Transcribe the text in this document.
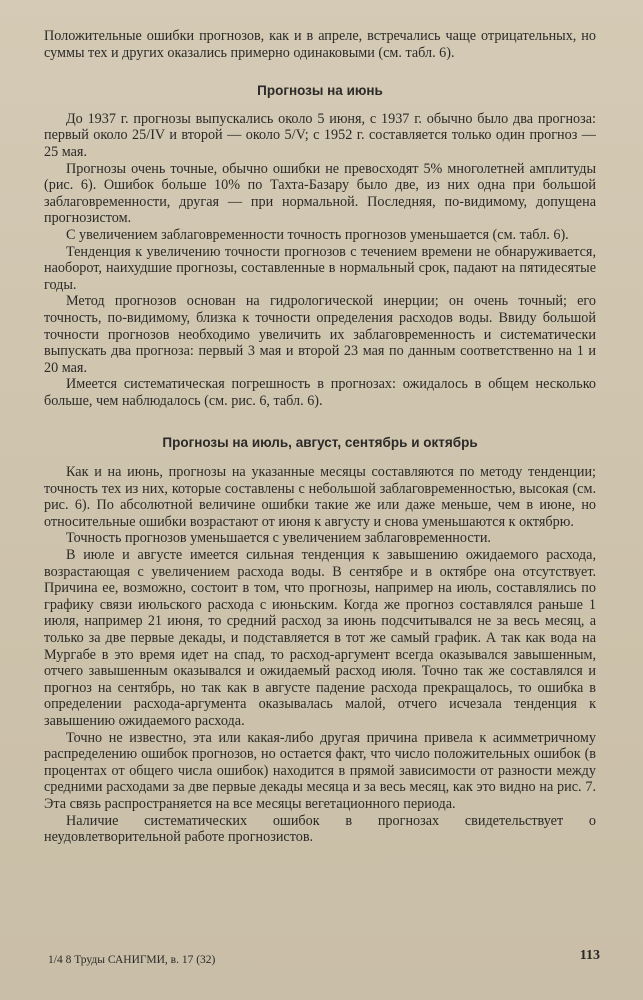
Положительные ошибки прогнозов, как и в апреле, встречались чаще отрицательных, но суммы тех и других оказались примерно одинаковыми (см. табл. 6).

Прогнозы на июнь

До 1937 г. прогнозы выпускались около 5 июня, с 1937 г. обычно было два прогноза: первый около 25/IV и второй — около 5/V; с 1952 г. составляется только один прогноз — 25 мая.

Прогнозы очень точные, обычно ошибки не превосходят 5% многолетней амплитуды (рис. 6). Ошибок больше 10% по Тахта-Базару было две, из них одна при большой заблаговременности, другая — при нормальной. Последняя, по-видимому, допущена прогнозистом.

С увеличением заблаговременности точность прогнозов уменьшается (см. табл. 6).

Тенденция к увеличению точности прогнозов с течением времени не обнаруживается, наоборот, наихудшие прогнозы, составленные в нормальный срок, падают на пятидесятые годы.

Метод прогнозов основан на гидрологической инерции; он очень точный; его точность, по-видимому, близка к точности определения расходов воды. Ввиду большой точности прогнозов необходимо увеличить их заблаговременность и систематически выпускать два прогноза: первый 3 мая и второй 23 мая по данным соответственно на 1 и 20 мая.

Имеется систематическая погрешность в прогнозах: ожидалось в общем несколько больше, чем наблюдалось (см. рис. 6, табл. 6).

Прогнозы на июль, август, сентябрь и октябрь

Как и на июнь, прогнозы на указанные месяцы составляются по методу тенденции; точность тех из них, которые составлены с небольшой заблаговременностью, высокая (см. рис. 6). По абсолютной величине ошибки такие же или даже меньше, чем в июне, но относительные ошибки возрастают от июня к августу и снова уменьшаются к октябрю.

Точность прогнозов уменьшается с увеличением заблаговременности.

В июле и августе имеется сильная тенденция к завышению ожидаемого расхода, возрастающая с увеличением расхода воды. В сентябре и в октябре она отсутствует. Причина ее, возможно, состоит в том, что прогнозы, например на июль, составлялись по графику связи июльского расхода с июньским. Когда же прогноз составлялся раньше 1 июля, например 21 июня, то средний расход за июнь подсчитывался не за весь месяц, а только за две первые декады, и подставляется в тот же самый график. А так как вода на Мургабе в это время идет на спад, то расход-аргумент всегда оказывался завышенным, отчего завышенным оказывался и ожидаемый расход июля. Точно так же составлялся и прогноз на сентябрь, но так как в августе падение расхода прекращалось, то ошибка в определении расхода-аргумента оказывалась малой, отчего исчезала тенденция к завышению ожидаемого расхода.

Точно не известно, эта или какая-либо другая причина привела к асимметричному распределению ошибок прогнозов, но остается факт, что число положительных ошибок (в процентах от общего числа ошибок) находится в прямой зависимости от разности между средними расходами за две первые декады месяца и за весь месяц, как это видно на рис. 7. Эта связь распространяется на все месяцы вегетационного периода.

Наличие систематических ошибок в прогнозах свидетельствует о неудовлетворительной работе прогнозистов.

1/4 8 Труды САНИГМИ, в. 17 (32)	113
